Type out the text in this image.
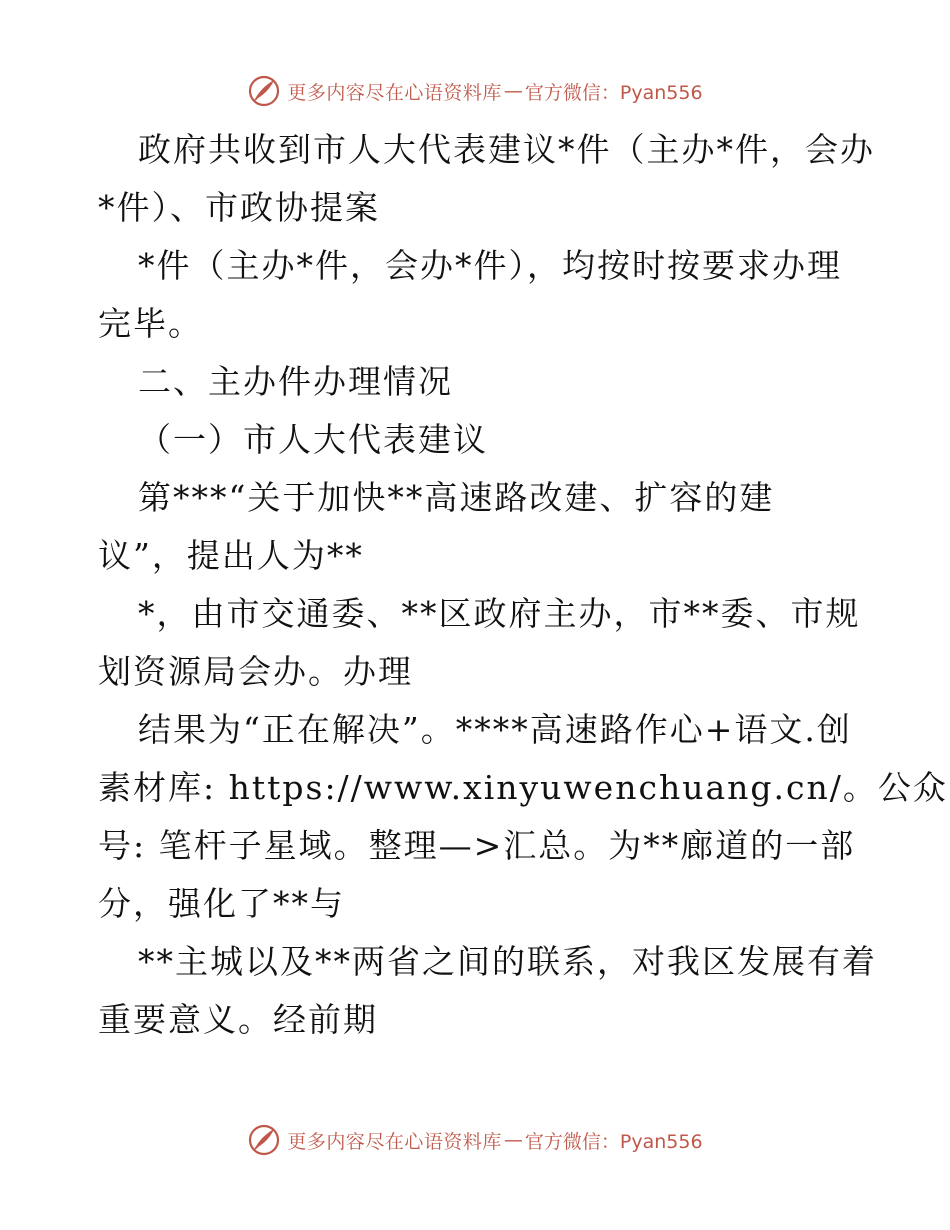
更多内容尽在心语资料库 — 官方微信：Pyan556
政府共收到市人大代表建议*件（主办*件，会办
*件）、市政协提案
*件（主办*件，会办*件），均按时按要求办理
完毕。
二、主办件办理情况
（一）市人大代表建议
第***“关于加快**高速路改建、扩容的建
议”，提出人为**
*，由市交通委、**区政府主办，市**委、市规
划资源局会办。办理
结果为“正在解决”。****高速路作心+语文.创
素材库: https://www.xinyuwenchuang.cn/。公众
号: 笔杆子星域。整理—>汇总。为**廊道的一部
分，强化了**与
**主城以及**两省之间的联系，对我区发展有着
重要意义。经前期
更多内容尽在心语资料库 — 官方微信：Pyan556
